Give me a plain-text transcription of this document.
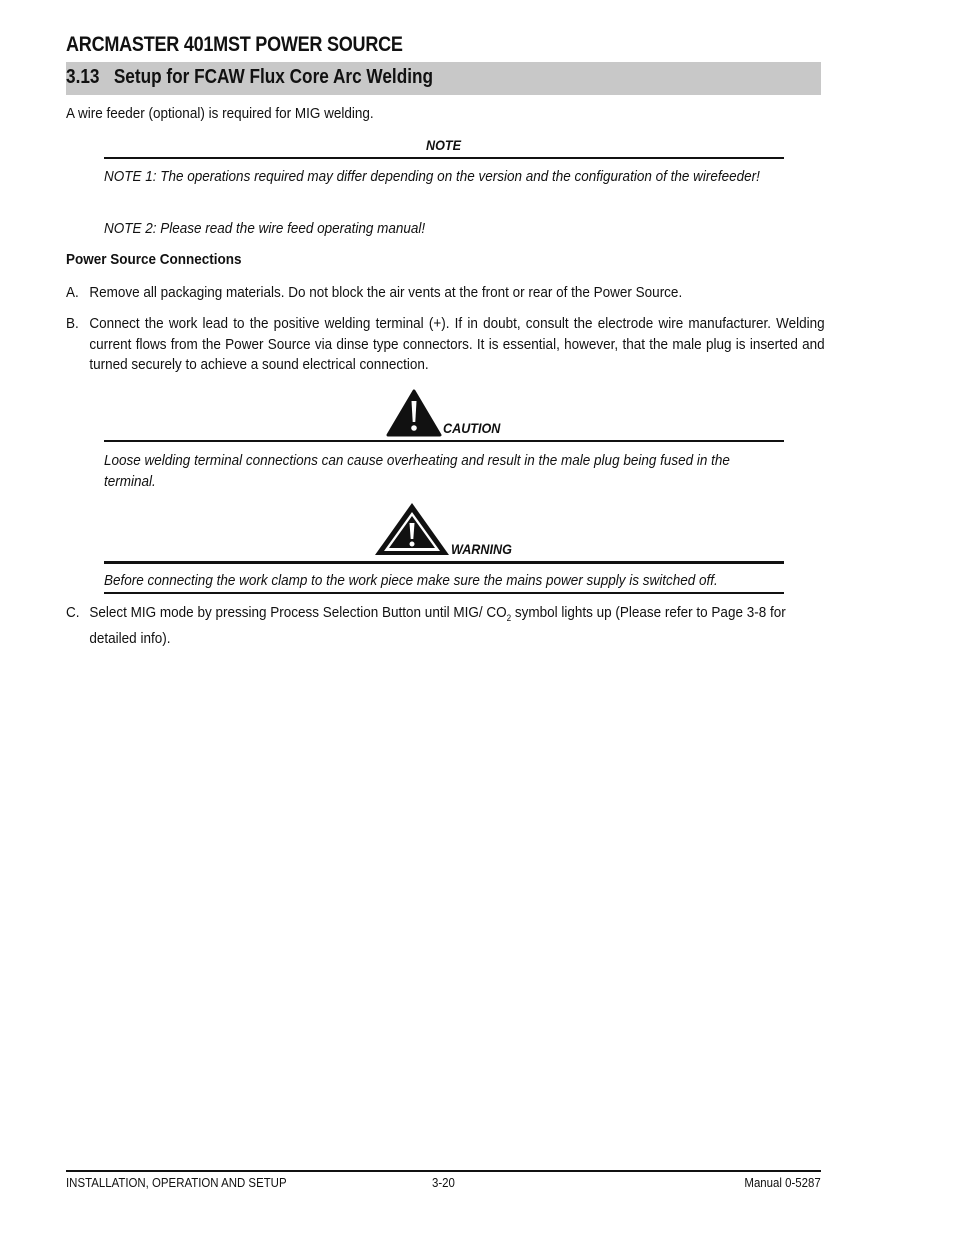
ARCMASTER 401MST POWER SOURCE
3.13 Setup for FCAW Flux Core Arc Welding
A wire feeder (optional) is required for MIG welding.
NOTE
NOTE 1: The operations required may differ depending on the version and the configuration of the wirefeeder!
NOTE 2: Please read the wire feed operating manual!
Power Source Connections
A. Remove all packaging materials. Do not block the air vents at the front or rear of the Power Source.
B. Connect the work lead to the positive welding terminal (+). If in doubt, consult the electrode wire manufacturer. Welding current flows from the Power Source via dinse type connectors. It is essential, however, that the male plug is inserted and turned securely to achieve a sound electrical connection.
CAUTION
Loose welding terminal connections can cause overheating and result in the male plug being fused in the terminal.
WARNING
Before connecting the work clamp to the work piece make sure the mains power supply is switched off.
C. Select MIG mode by pressing Process Selection Button until MIG/ $CO_2$ symbol lights up (Please refer to Page 3-8 for detailed info).
INSTALLATION, OPERATION AND SETUP	3-20	Manual 0-5287
